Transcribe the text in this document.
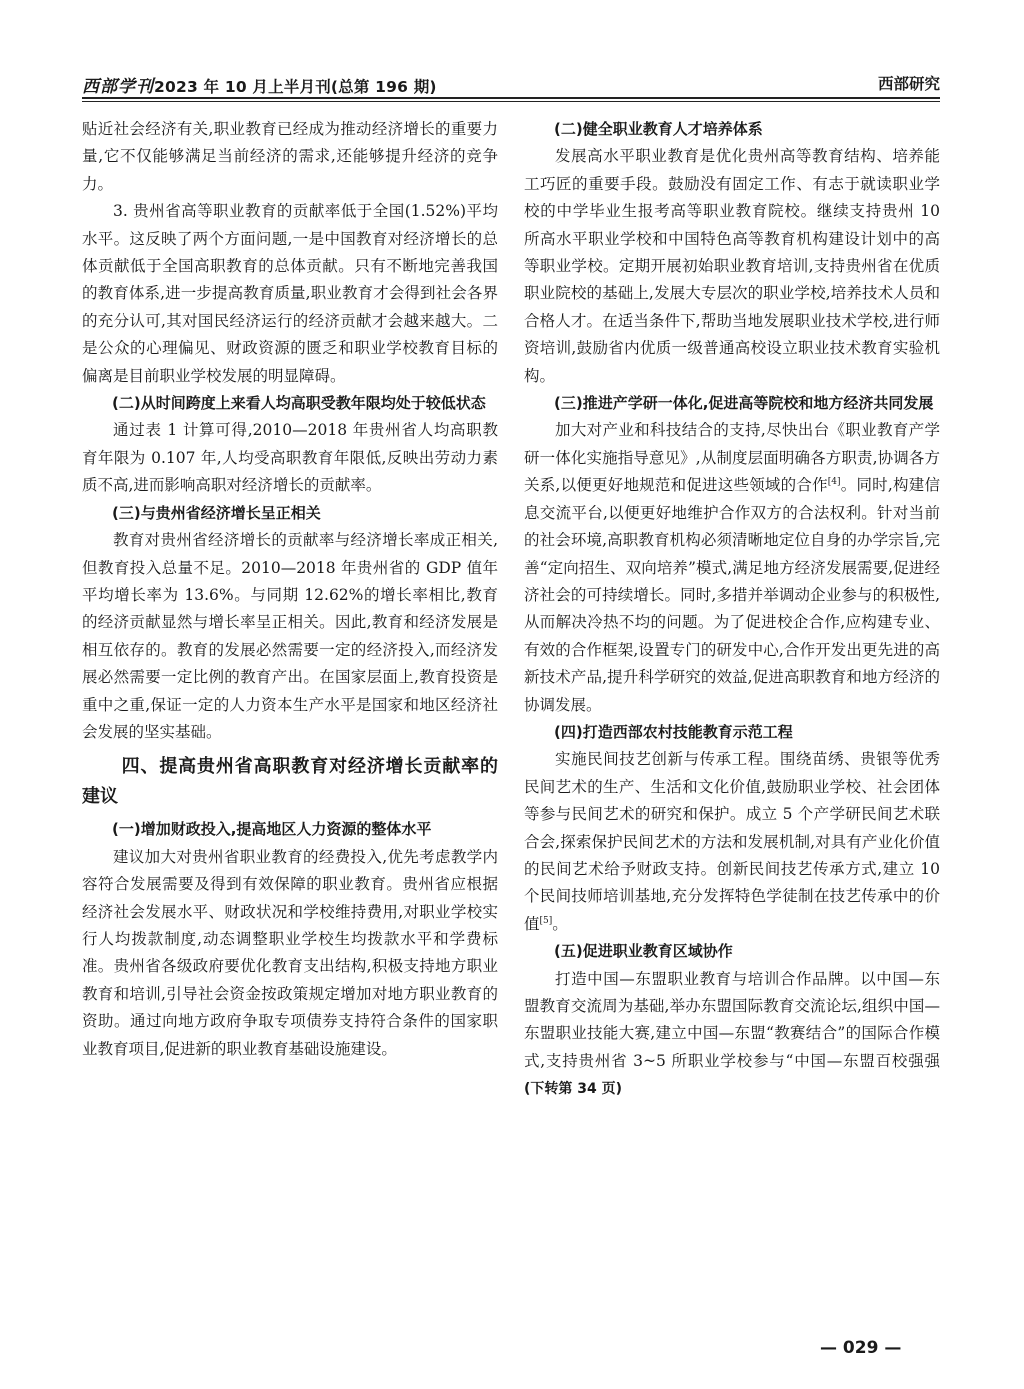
西部学刊2023 年 10 月上半月刊(总第 196 期)	西部研究

贴近社会经济有关,职业教育已经成为推动经济增长的重要力量,它不仅能够满足当前经济的需求,还能够提升经济的竞争力。

3. 贵州省高等职业教育的贡献率低于全国(1.52%)平均水平。这反映了两个方面问题,一是中国教育对经济增长的总体贡献低于全国高职教育的总体贡献。只有不断地完善我国的教育体系,进一步提高教育质量,职业教育才会得到社会各界的充分认可,其对国民经济运行的经济贡献才会越来越大。二是公众的心理偏见、财政资源的匮乏和职业学校教育目标的偏离是目前职业学校发展的明显障碍。

(二)从时间跨度上来看人均高职受教年限均处于较低状态

通过表 1 计算可得,2010—2018 年贵州省人均高职教育年限为 0.107 年,人均受高职教育年限低,反映出劳动力素质不高,进而影响高职对经济增长的贡献率。

(三)与贵州省经济增长呈正相关

教育对贵州省经济增长的贡献率与经济增长率成正相关,但教育投入总量不足。2010—2018 年贵州省的 GDP 值年平均增长率为 13.6%。与同期 12.62%的增长率相比,教育的经济贡献显然与增长率呈正相关。因此,教育和经济发展是相互依存的。教育的发展必然需要一定的经济投入,而经济发展必然需要一定比例的教育产出。在国家层面上,教育投资是重中之重,保证一定的人力资本生产水平是国家和地区经济社会发展的坚实基础。

四、提高贵州省高职教育对经济增长贡献率的建议

(一)增加财政投入,提高地区人力资源的整体水平

建议加大对贵州省职业教育的经费投入,优先考虑教学内容符合发展需要及得到有效保障的职业教育。贵州省应根据经济社会发展水平、财政状况和学校维持费用,对职业学校实行人均拨款制度,动态调整职业学校生均拨款水平和学费标准。贵州省各级政府要优化教育支出结构,积极支持地方职业教育和培训,引导社会资金按政策规定增加对地方职业教育的资助。通过向地方政府争取专项债券支持符合条件的国家职业教育项目,促进新的职业教育基础设施建设。

(二)健全职业教育人才培养体系

发展高水平职业教育是优化贵州高等教育结构、培养能工巧匠的重要手段。鼓励没有固定工作、有志于就读职业学校的中学毕业生报考高等职业教育院校。继续支持贵州 10 所高水平职业学校和中国特色高等教育机构建设计划中的高等职业学校。定期开展初始职业教育培训,支持贵州省在优质职业院校的基础上,发展大专层次的职业学校,培养技术人员和合格人才。在适当条件下,帮助当地发展职业技术学校,进行师资培训,鼓励省内优质一级普通高校设立职业技术教育实验机构。

(三)推进产学研一体化,促进高等院校和地方经济共同发展

加大对产业和科技结合的支持,尽快出台《职业教育产学研一体化实施指导意见》,从制度层面明确各方职责,协调各方关系,以便更好地规范和促进这些领域的合作[4]。同时,构建信息交流平台,以便更好地维护合作双方的合法权利。针对当前的社会环境,高职教育机构必须清晰地定位自身的办学宗旨,完善“定向招生、双向培养”模式,满足地方经济发展需要,促进经济社会的可持续增长。同时,多措并举调动企业参与的积极性,从而解决冷热不均的问题。为了促进校企合作,应构建专业、有效的合作框架,设置专门的研发中心,合作开发出更先进的高新技术产品,提升科学研究的效益,促进高职教育和地方经济的协调发展。

(四)打造西部农村技能教育示范工程

实施民间技艺创新与传承工程。围绕苗绣、贵银等优秀民间艺术的生产、生活和文化价值,鼓励职业学校、社会团体等参与民间艺术的研究和保护。成立 5 个产学研民间艺术联合会,探索保护民间艺术的方法和发展机制,对具有产业化价值的民间艺术给予财政支持。创新民间技艺传承方式,建立 10 个民间技师培训基地,充分发挥特色学徒制在技艺传承中的价值[5]。

(五)促进职业教育区域协作

打造中国—东盟职业教育与培训合作品牌。以中国—东盟教育交流周为基础,举办东盟国际教育交流论坛,组织中国—东盟职业技能大赛,建立中国—东盟“教赛结合”的国际合作模式,支持贵州省 3~5 所职业学校参与“中国—东盟百校强强 (下转第 34 页)

— 029 —
